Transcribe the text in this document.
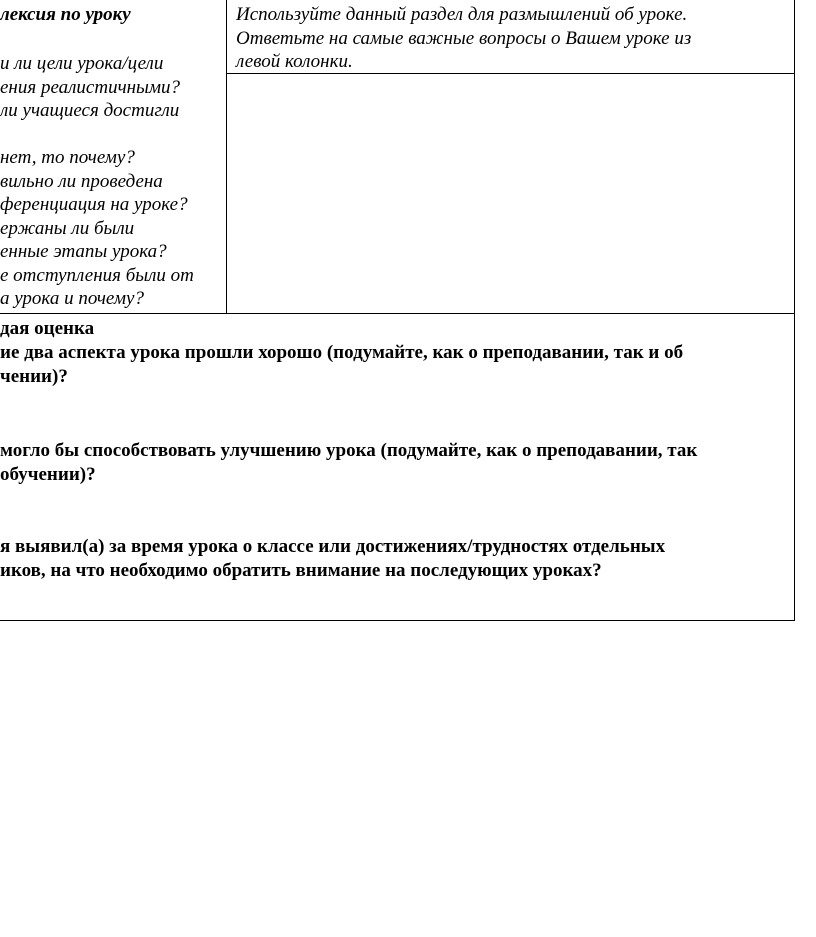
лексия по уроку
и ли цели урока/цели
ения реалистичными?
ли учащиеся достигли
нет, то почему?
вильно ли проведена
ференциация на уроке?
ержаны ли были
енные этапы урока?
е отступления были от
а урока и почему?
Используйте данный раздел для размышлений об уроке.
Ответьте на самые важные вопросы о Вашем уроке из
левой колонки.
дая оценка
ие два аспекта урока прошли хорошо (подумайте, как о преподавании, так и об
чении)?
могло бы способствовать улучшению урока (подумайте, как о преподавании, так
обучении)?
я выявил(а) за время урока о классе или достижениях/трудностях отдельных
иков, на что необходимо обратить внимание на последующих уроках?
